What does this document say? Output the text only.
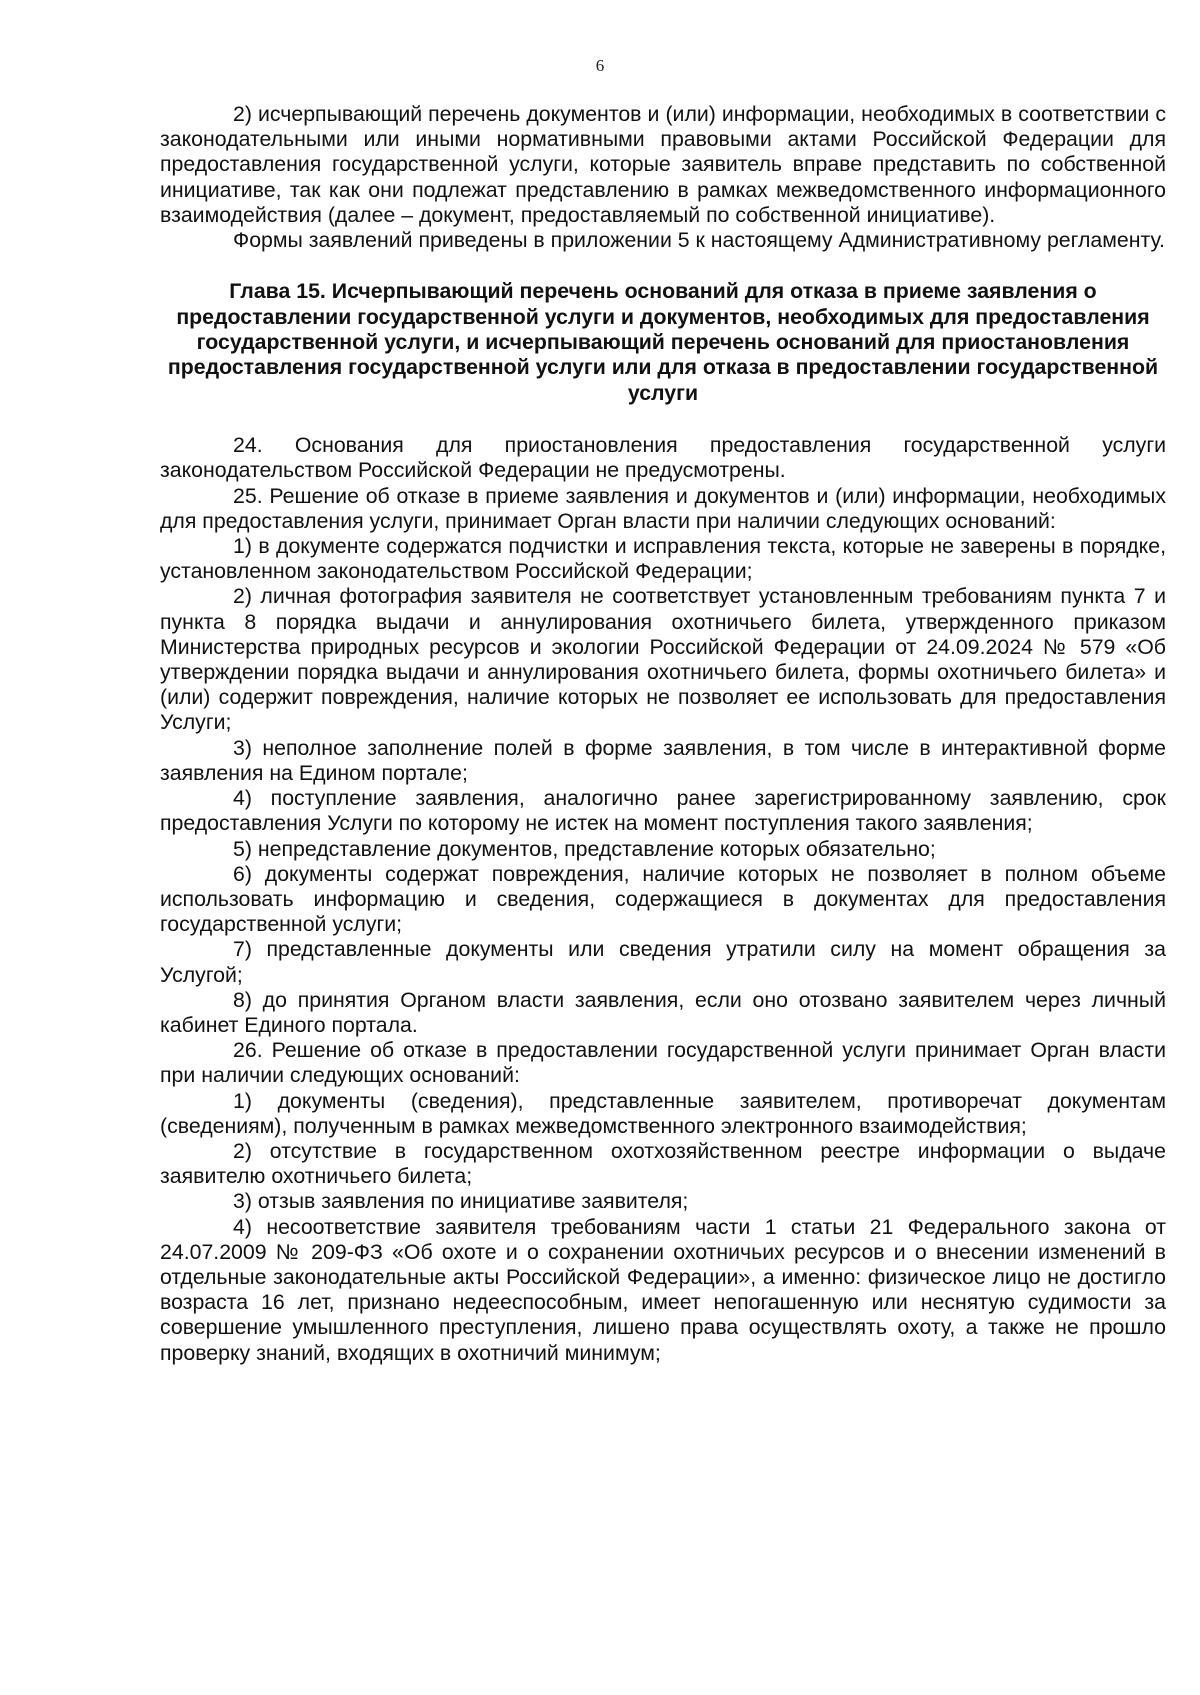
6

2) исчерпывающий перечень документов и (или) информации, необходимых в соответствии с законодательными или иными нормативными правовыми актами Российской Федерации для предоставления государственной услуги, которые заявитель вправе представить по собственной инициативе, так как они подлежат представлению в рамках межведомственного информационного взаимодействия (далее – документ, предоставляемый по собственной инициативе).

Формы заявлений приведены в приложении 5 к настоящему Административному регламенту.

Глава 15. Исчерпывающий перечень оснований для отказа в приеме заявления о предоставлении государственной услуги и документов, необходимых для предоставления государственной услуги, и исчерпывающий перечень оснований для приостановления предоставления государственной услуги или для отказа в предоставлении государственной услуги

24. Основания для приостановления предоставления государственной услуги законодательством Российской Федерации не предусмотрены.

25. Решение об отказе в приеме заявления и документов и (или) информации, необходимых для предоставления услуги, принимает Орган власти при наличии следующих оснований:

1) в документе содержатся подчистки и исправления текста, которые не заверены в порядке, установленном законодательством Российской Федерации;

2) личная фотография заявителя не соответствует установленным требованиям пункта 7 и пункта 8 порядка выдачи и аннулирования охотничьего билета, утвержденного приказом Министерства природных ресурсов и экологии Российской Федерации от 24.09.2024 № 579 «Об утверждении порядка выдачи и аннулирования охотничьего билета, формы охотничьего билета» и (или) содержит повреждения, наличие которых не позволяет ее использовать для предоставления Услуги;

3) неполное заполнение полей в форме заявления, в том числе в интерактивной форме заявления на Едином портале;

4) поступление заявления, аналогично ранее зарегистрированному заявлению, срок предоставления Услуги по которому не истек на момент поступления такого заявления;

5) непредставление документов, представление которых обязательно;

6) документы содержат повреждения, наличие которых не позволяет в полном объеме использовать информацию и сведения, содержащиеся в документах для предоставления государственной услуги;

7) представленные документы или сведения утратили силу на момент обращения за Услугой;

8) до принятия Органом власти заявления, если оно отозвано заявителем через личный кабинет Единого портала.

26. Решение об отказе в предоставлении государственной услуги принимает Орган власти при наличии следующих оснований:

1) документы (сведения), представленные заявителем, противоречат документам (сведениям), полученным в рамках межведомственного электронного взаимодействия;

2) отсутствие в государственном охотхозяйственном реестре информации о выдаче заявителю охотничьего билета;

3) отзыв заявления по инициативе заявителя;

4) несоответствие заявителя требованиям части 1 статьи 21 Федерального закона от 24.07.2009 № 209-ФЗ «Об охоте и о сохранении охотничьих ресурсов и о внесении изменений в отдельные законодательные акты Российской Федерации», а именно: физическое лицо не достигло возраста 16 лет, признано недееспособным, имеет непогашенную или неснятую судимости за совершение умышленного преступления, лишено права осуществлять охоту, а также не прошло проверку знаний, входящих в охотничий минимум;
